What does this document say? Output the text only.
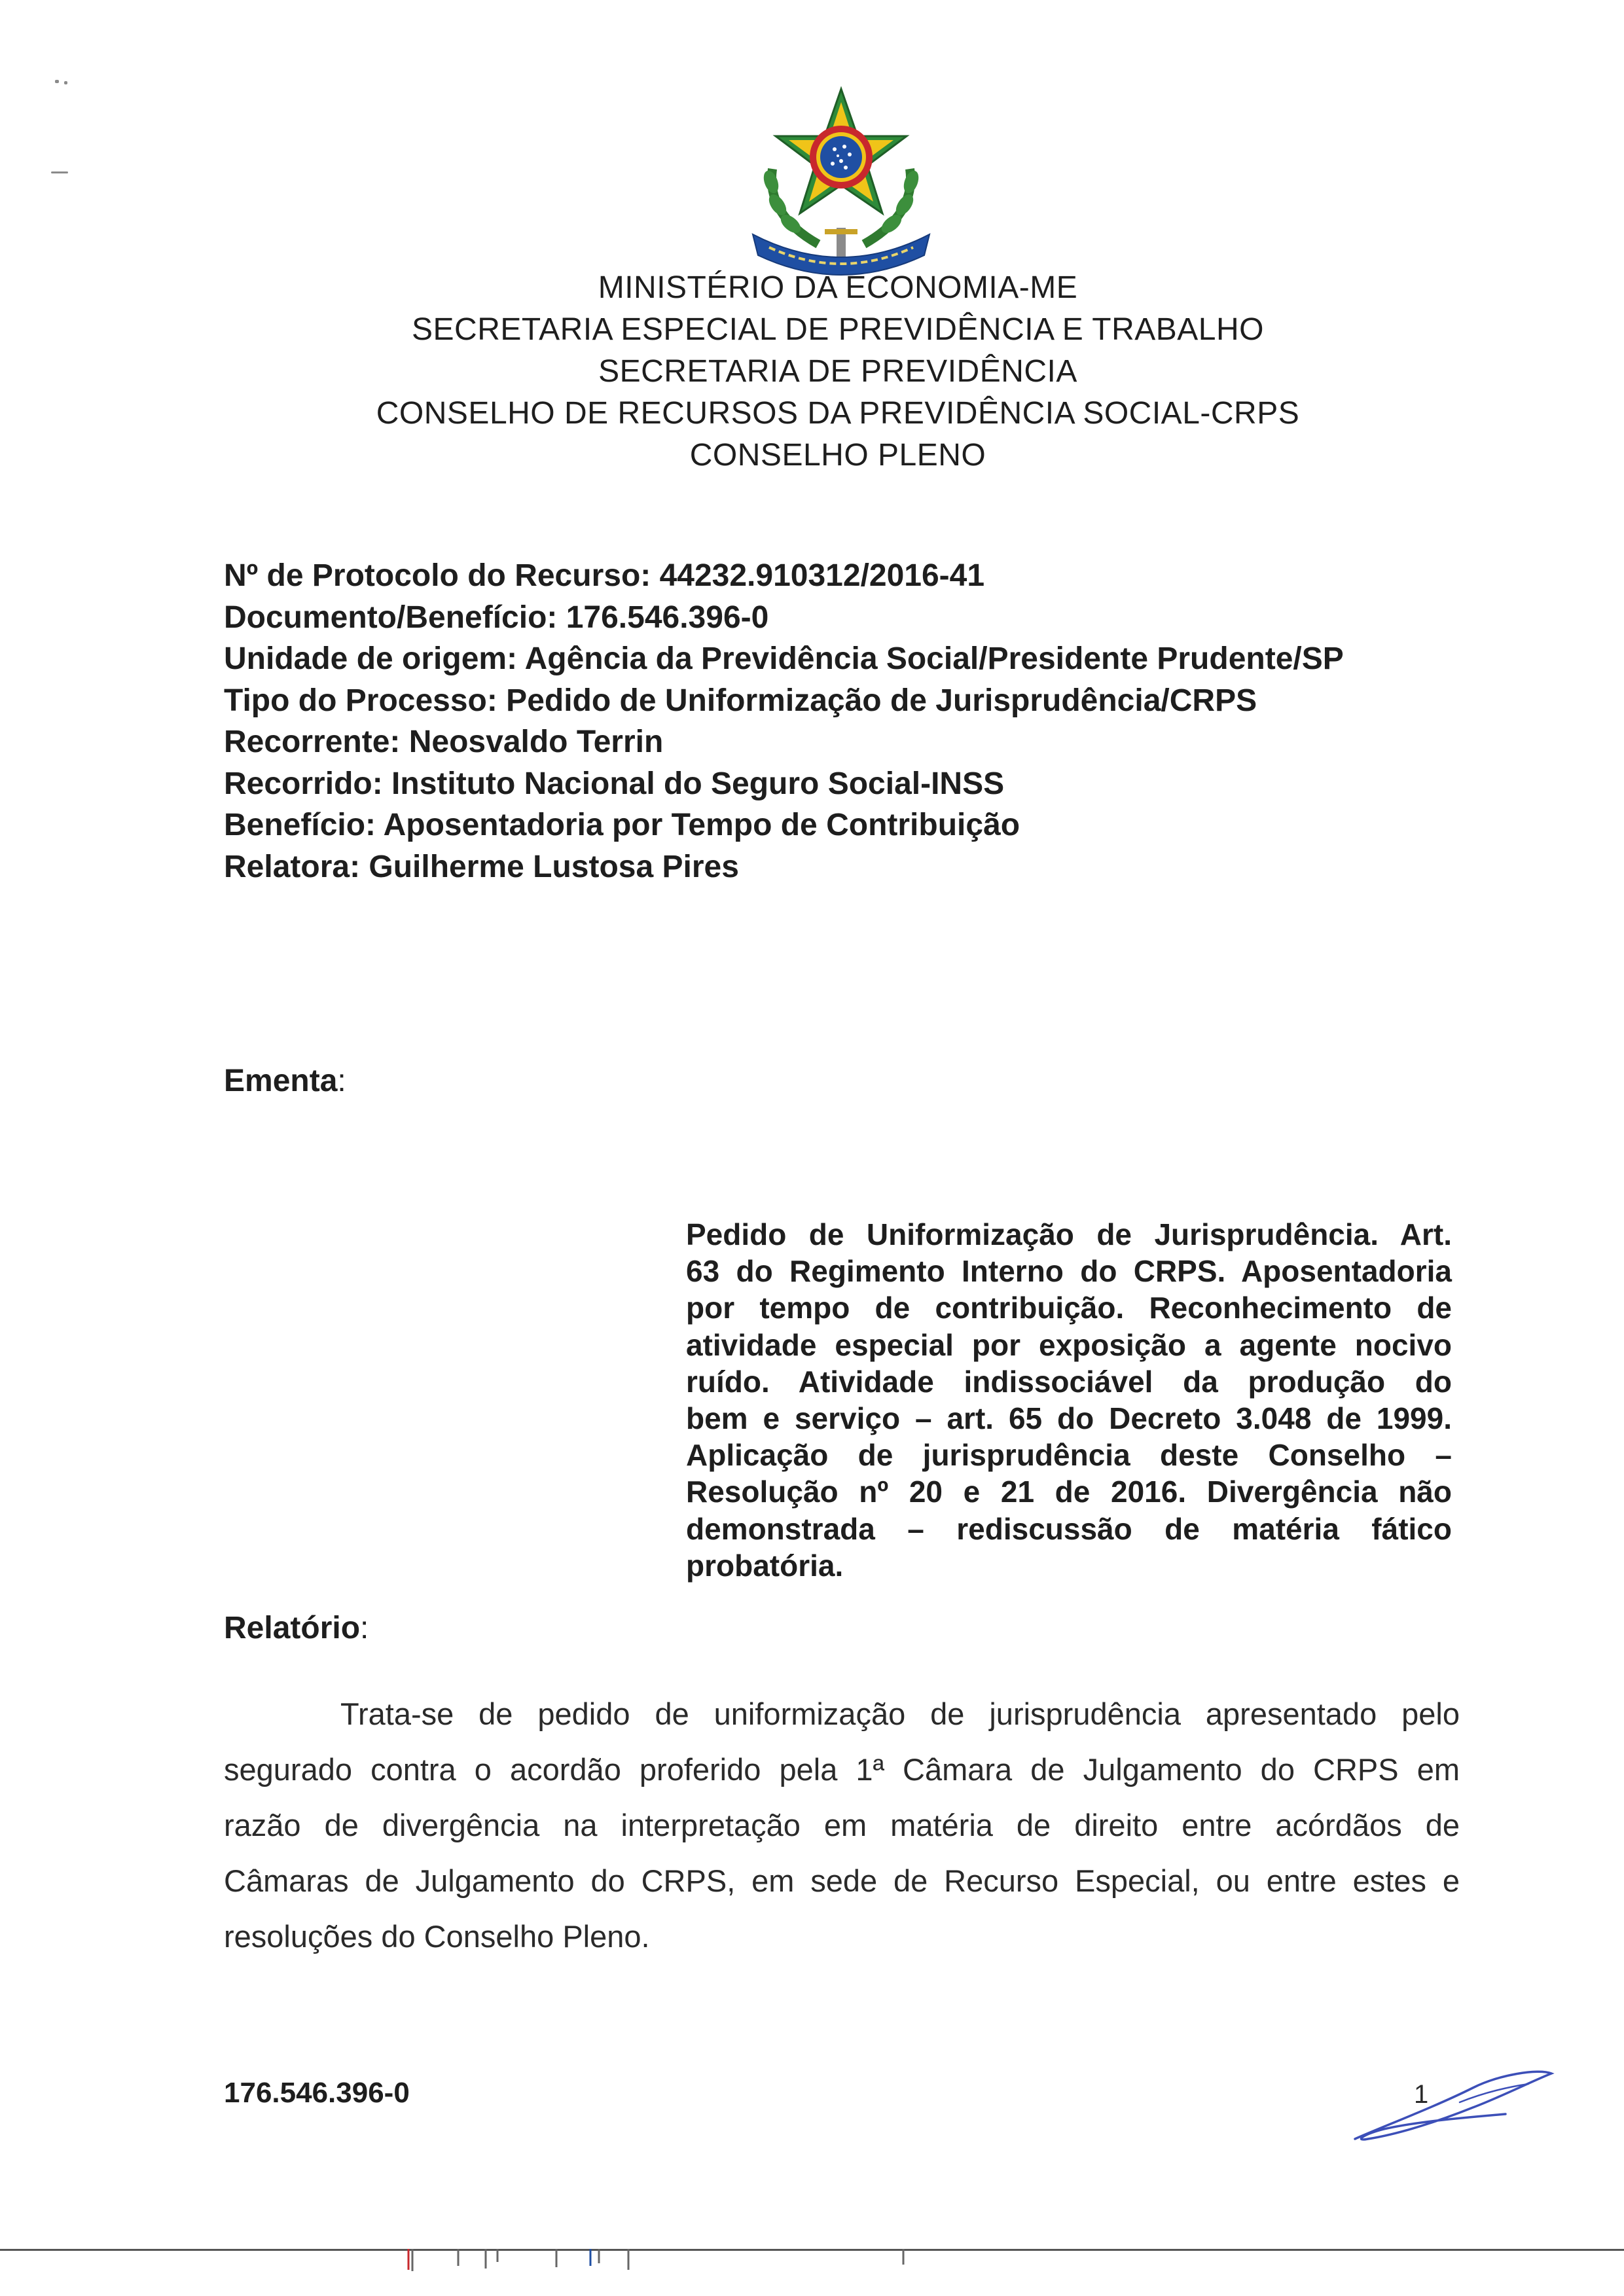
MINISTÉRIO DA ECONOMIA-ME
SECRETARIA ESPECIAL DE PREVIDÊNCIA E TRABALHO
SECRETARIA DE PREVIDÊNCIA
CONSELHO DE RECURSOS DA PREVIDÊNCIA SOCIAL-CRPS
CONSELHO PLENO
Nº de Protocolo do Recurso: 44232.910312/2016-41
Documento/Benefício: 176.546.396-0
Unidade de origem: Agência da Previdência Social/Presidente Prudente/SP
Tipo do Processo: Pedido de Uniformização de Jurisprudência/CRPS
Recorrente: Neosvaldo Terrin
Recorrido: Instituto Nacional do Seguro Social-INSS
Benefício: Aposentadoria por Tempo de Contribuição
Relatora: Guilherme Lustosa Pires
Ementa:
Pedido de Uniformização de Jurisprudência. Art.
63 do Regimento Interno do CRPS. Aposentadoria
por tempo de contribuição. Reconhecimento de
atividade especial por exposição a agente nocivo
ruído. Atividade indissociável da produção do
bem e serviço – art. 65 do Decreto 3.048 de 1999.
Aplicação de jurisprudência deste Conselho –
Resolução nº 20 e 21 de 2016. Divergência não
demonstrada – rediscussão de matéria fático
probatória.
Relatório:
Trata-se de pedido de uniformização de jurisprudência apresentado pelo
segurado contra o acordão proferido pela 1ª Câmara de Julgamento do CRPS em
razão de divergência na interpretação em matéria de direito entre acórdãos de
Câmaras de Julgamento do CRPS, em sede de Recurso Especial, ou entre estes e
resoluções do Conselho Pleno.
176.546.396-0	1
